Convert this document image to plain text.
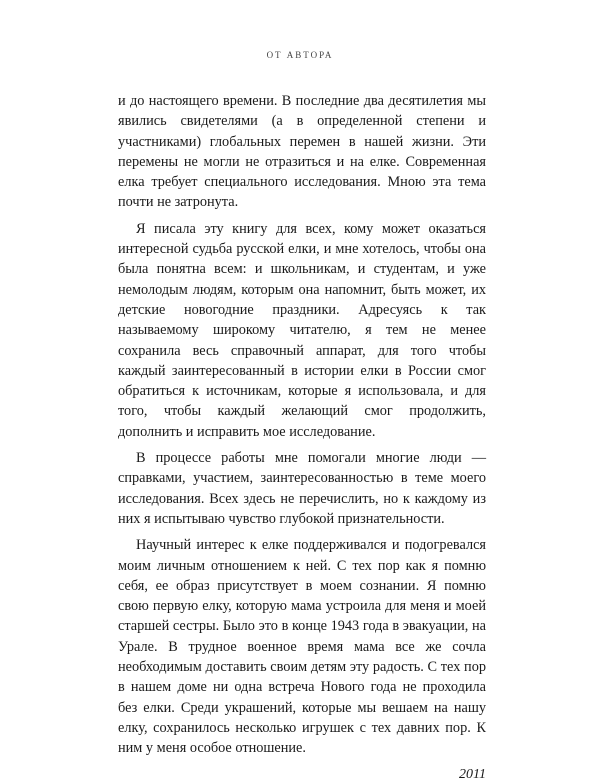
ОТ АВТОРА

и до настоящего времени. В последние два десятилетия мы явились свидетелями (а в определенной степени и участниками) глобальных перемен в нашей жизни. Эти перемены не могли не отразиться и на елке. Современная елка требует специального исследования. Мною эта тема почти не затронута.

Я писала эту книгу для всех, кому может оказаться интересной судьба русской елки, и мне хотелось, чтобы она была понятна всем: и школьникам, и студентам, и уже немолодым людям, которым она напомнит, быть может, их детские новогодние праздники. Адресуясь к так называемому широкому читателю, я тем не менее сохранила весь справочный аппарат, для того чтобы каждый заинтересованный в истории елки в России смог обратиться к источникам, которые я использовала, и для того, чтобы каждый желающий смог продолжить, дополнить и исправить мое исследование.

В процессе работы мне помогали многие люди — справками, участием, заинтересованностью в теме моего исследования. Всех здесь не перечислить, но к каждому из них я испытываю чувство глубокой признательности.

Научный интерес к елке поддерживался и подогревался моим личным отношением к ней. С тех пор как я помню себя, ее образ присутствует в моем сознании. Я помню свою первую елку, которую мама устроила для меня и моей старшей сестры. Было это в конце 1943 года в эвакуации, на Урале. В трудное военное время мама все же сочла необходимым доставить своим детям эту радость. С тех пор в нашем доме ни одна встреча Нового года не проходила без елки. Среди украшений, которые мы вешаем на нашу елку, сохранилось несколько игрушек с тех давних пор. К ним у меня особое отношение.

2011
